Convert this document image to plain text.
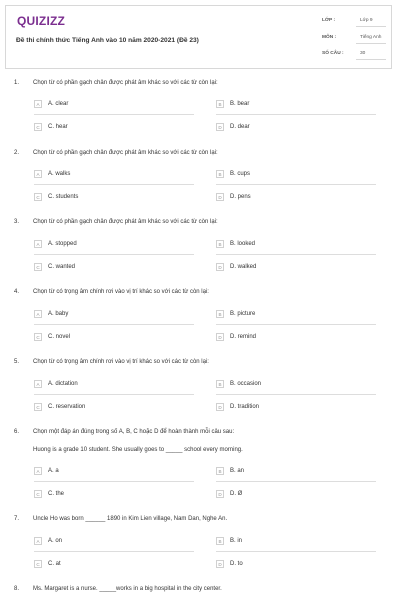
QUIZIZZ
Đề thi chính thức Tiếng Anh vào 10 năm 2020-2021 (Đề 23)
LỚP :	Lớp 9
MÔN :	Tiếng Anh
SỐ CÂU :	30
1. Chọn từ có phần gạch chân được phát âm khác so với các từ còn lại:
A	A. clear	B	B. bear
C	C. hear	D	D. dear
2. Chọn từ có phần gạch chân được phát âm khác so với các từ còn lại:
A	A. walks	B	B. cups
C	C. students	D	D. pens
3. Chọn từ có phần gạch chân được phát âm khác so với các từ còn lại:
A	A. stopped	B	B. looked
C	C. wanted	D	D. walked
4. Chọn từ có trọng âm chính rơi vào vị trí khác so với các từ còn lại:
A	A. baby	B	B. picture
C	C. novel	D	D. remind
5. Chọn từ có trọng âm chính rơi vào vị trí khác so với các từ còn lại:
A	A. dictation	B	B. occasion
C	C. reservation	D	D. tradition
6. Chọn một đáp án đúng trong số A, B, C hoặc D để hoàn thành mỗi câu sau:
Huong is a grade 10 student. She usually goes to _____ school every morning.
A	A. a	B	B. an
C	C. the	D	D. Ø
7. Uncle Ho was born ______ 1890 in Kim Lien village, Nam Dan, Nghe An.
A	A. on	B	B. in
C	C. at	D	D. to
8. Ms. Margaret is a nurse. _____works in a big hospital in the city center.
